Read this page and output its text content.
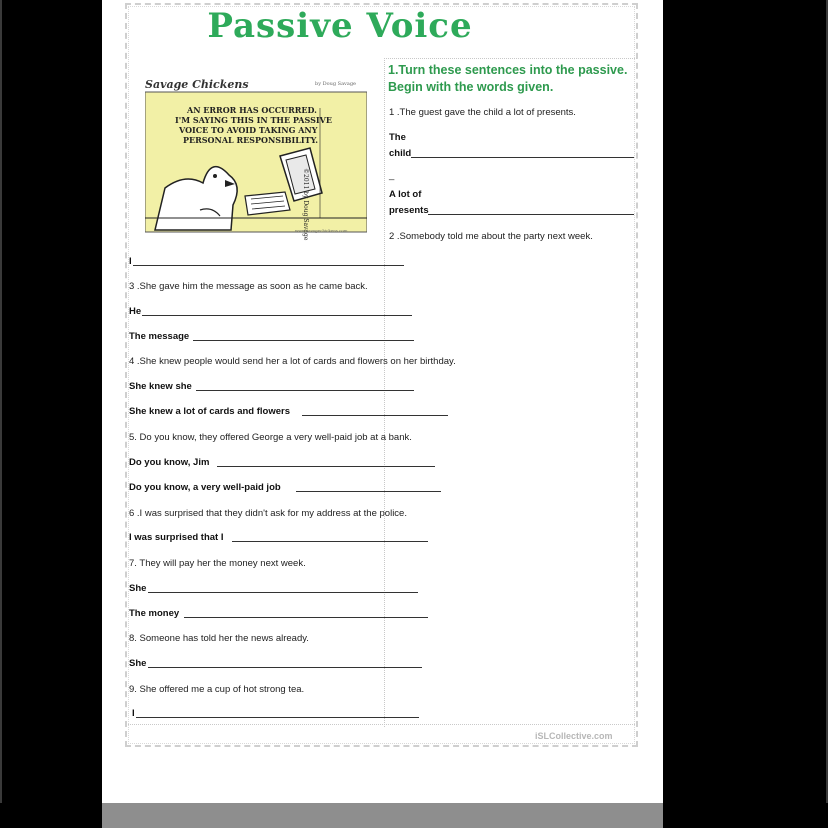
Passive Voice
Savage Chickens	by Doug Savage
AN ERROR HAS OCCURRED.
I'M SAYING THIS IN THE PASSIVE
VOICE TO AVOID TAKING ANY
PERSONAL RESPONSIBILITY.
©2011 by Doug Savage
www.savagechickens.com
1.Turn these sentences into the passive. Begin with the words given.
1 .The guest gave the child a lot of presents.
The
child
_
A lot of
presents
2 .Somebody told me about the party next week.
I
3 .She gave him the message as soon as he came back.
He
The message
4 .She knew people would send her a lot of cards and flowers on her birthday.
She knew she
She knew a lot of cards and flowers
5. Do you know, they offered George a very well-paid job at a bank.
Do you know, Jim
Do you know, a very well-paid job
6 .I was surprised that they didn't ask for my address at the police.
I was surprised that I
7. They will pay her the money next week.
She
The money
8. Someone has told her the news already.
She
9. She offered me a cup of hot strong tea.
I
iSLCollective.com
